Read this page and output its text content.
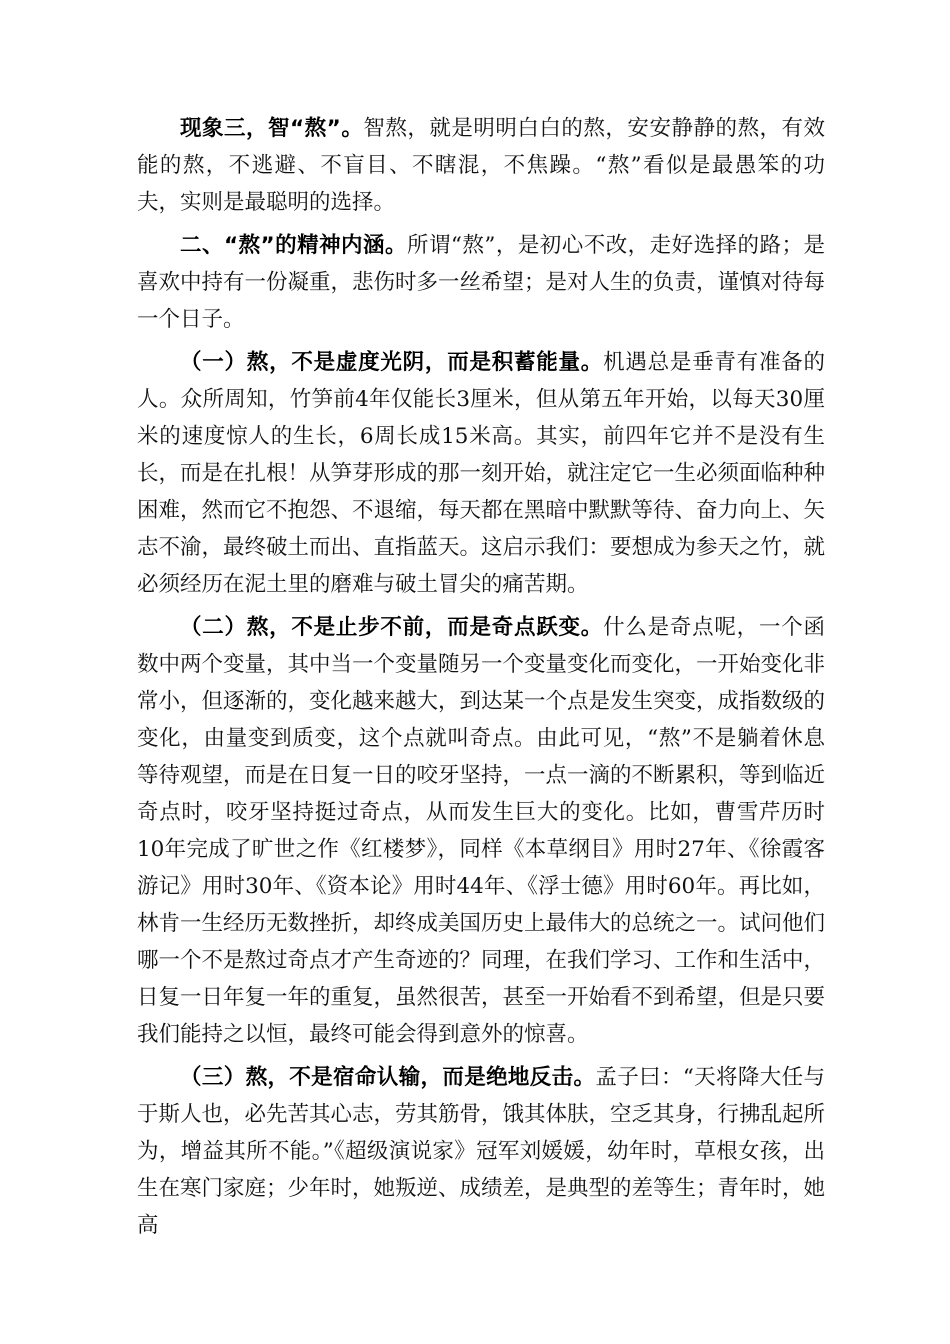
现象三，智“熬”。智熬，就是明明白白的熬，安安静静的熬，有效能的熬，不逃避、不盲目、不瞎混，不焦躁。“熬”看似是最愚笨的功夫，实则是最聪明的选择。

二、“熬”的精神内涵。所谓“熬”，是初心不改，走好选择的路；是喜欢中持有一份凝重，悲伤时多一丝希望；是对人生的负责，谨慎对待每一个日子。

（一）熬，不是虚度光阴，而是积蓄能量。机遇总是垂青有准备的人。众所周知，竹笋前4年仅能长3厘米，但从第五年开始，以每天30厘米的速度惊人的生长，6周长成15米高。其实，前四年它并不是没有生长，而是在扎根！从笋芽形成的那一刻开始，就注定它一生必须面临种种困难，然而它不抱怨、不退缩，每天都在黑暗中默默等待、奋力向上、矢志不渝，最终破土而出、直指蓝天。这启示我们：要想成为参天之竹，就必须经历在泥土里的磨难与破土冒尖的痛苦期。

（二）熬，不是止步不前，而是奇点跃变。什么是奇点呢，一个函数中两个变量，其中当一个变量随另一个变量变化而变化，一开始变化非常小，但逐渐的，变化越来越大，到达某一个点是发生突变，成指数级的变化，由量变到质变，这个点就叫奇点。由此可见，“熬”不是躺着休息等待观望，而是在日复一日的咬牙坚持，一点一滴的不断累积，等到临近奇点时，咬牙坚持挺过奇点，从而发生巨大的变化。比如，曹雪芹历时10年完成了旷世之作《红楼梦》，同样《本草纲目》用时27年、《徐霞客游记》用时30年、《资本论》用时44年、《浮士德》用时60年。再比如，林肯一生经历无数挫折，却终成美国历史上最伟大的总统之一。试问他们哪一个不是熬过奇点才产生奇迹的？同理，在我们学习、工作和生活中，日复一日年复一年的重复，虽然很苦，甚至一开始看不到希望，但是只要我们能持之以恒，最终可能会得到意外的惊喜。

（三）熬，不是宿命认输，而是绝地反击。孟子曰：“天将降大任与于斯人也，必先苦其心志，劳其筋骨，饿其体肤，空乏其身，行拂乱起所为，增益其所不能。”《超级演说家》冠军刘媛媛，幼年时，草根女孩，出生在寒门家庭；少年时，她叛逆、成绩差，是典型的差等生；青年时，她高
